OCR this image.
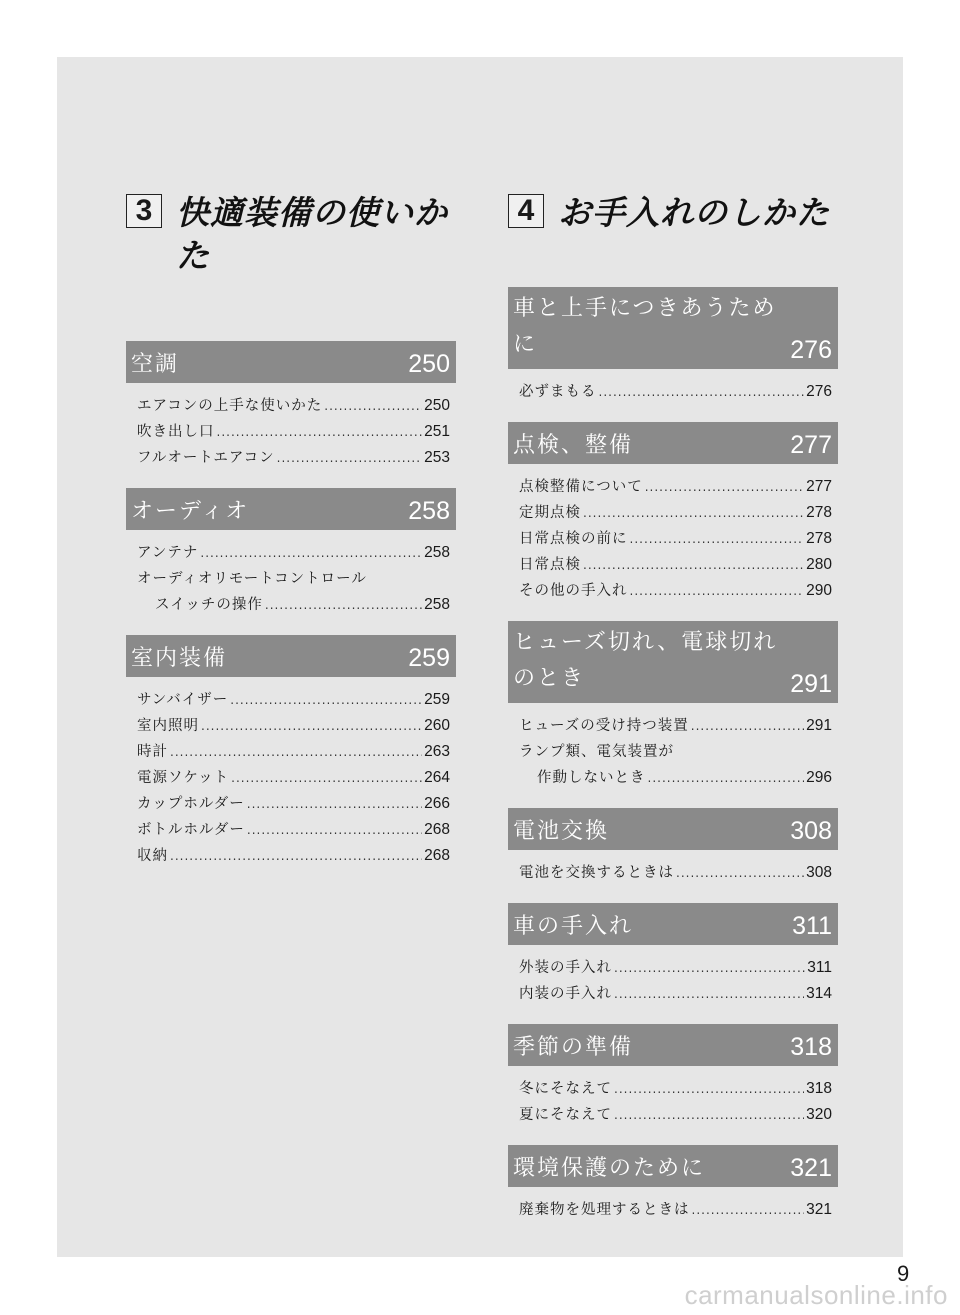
3 快適装備の使いかた
空調	250
エアコンの上手な使いかた .....	250
吹き出し口 .....	251
フルオートエアコン .....	253
オーディオ	258
アンテナ .....	258
オーディオリモートコントロール
スイッチの操作 .....	258
室内装備	259
サンバイザー .....	259
室内照明 .....	260
時計 .....	263
電源ソケット .....	264
カップホルダー .....	266
ボトルホルダー .....	268
収納 .....	268
4 お手入れのしかた
車と上手につきあうために	276
必ずまもる .....	276
点検、整備	277
点検整備について .....	277
定期点検 .....	278
日常点検の前に .....	278
日常点検 .....	280
その他の手入れ .....	290
ヒューズ切れ、電球切れのとき	291
ヒューズの受け持つ装置 .....	291
ランプ類、電気装置が
作動しないとき .....	296
電池交換	308
電池を交換するときは .....	308
車の手入れ	311
外装の手入れ .....	311
内装の手入れ .....	314
季節の準備	318
冬にそなえて .....	318
夏にそなえて .....	320
環境保護のために	321
廃棄物を処理するときは .....	321
9
carmanualsonline.info
